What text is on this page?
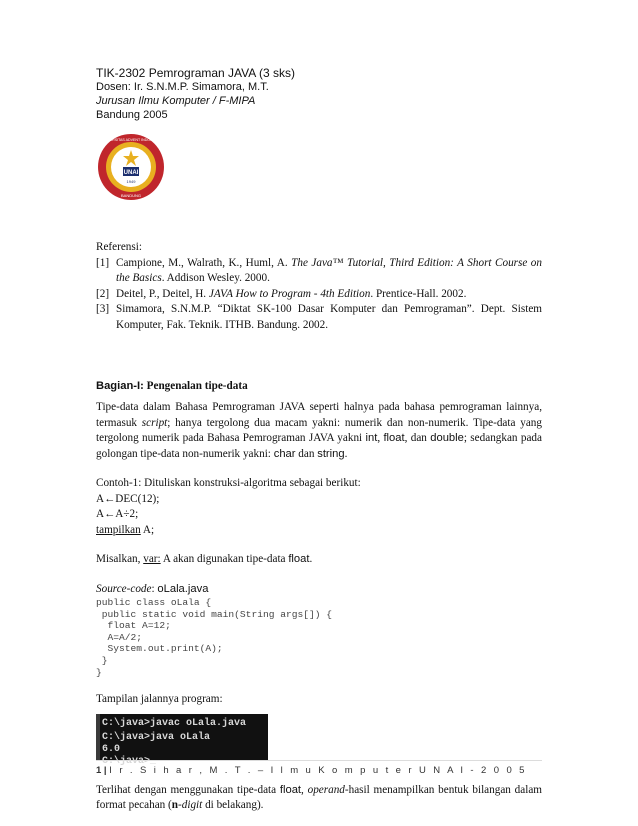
TIK-2302 Pemrograman JAVA (3 sks)

Dosen: Ir. S.N.M.P. Simamora, M.T.

Jurusan Ilmu Komputer / F-MIPA

Bandung 2005

UNAI
1949
UNIVERSITAS ADVENT INDONESIA
BANDUNG

Referensi:

[1] Campione, M., Walrath, K., Huml, A. The Java™ Tutorial, Third Edition: A Short Course on the Basics. Addison Wesley. 2000.
[2] Deitel, P., Deitel, H. JAVA How to Program - 4th Edition. Prentice-Hall. 2002.
[3] Simamora, S.N.M.P. “Diktat SK-100 Dasar Komputer dan Pemrograman”. Dept. Sistem Komputer, Fak. Teknik. ITHB. Bandung. 2002.

Bagian-I: Pengenalan tipe-data

Tipe-data dalam Bahasa Pemrograman JAVA seperti halnya pada bahasa pemrograman lainnya, termasuk script; hanya tergolong dua macam yakni: numerik dan non-numerik. Tipe-data yang tergolong numerik pada Bahasa Pemrograman JAVA yakni int, float, dan double; sedangkan pada golongan tipe-data non-numerik yakni: char dan string.

Contoh-1: Dituliskan konstruksi-algoritma sebagai berikut:

A←DEC(12);

A←A÷2;

tampilkan A;

Misalkan, var: A akan digunakan tipe-data float.

Source-code: oLala.java

public class oLala {

public static void main(String args[]) {

float A=12;

A=A/2;

System.out.print(A);

}

}

Tampilan jalannya program:

C:\java>javac oLala.java
C:\java>java oLala
6.0
C:\java>_

Terlihat dengan menggunakan tipe-data float, operand-hasil menampilkan bentuk bilangan dalam format pecahan (n-digit di belakang).

1 | I r . S i h a r , M . T . – I l m u K o m p u t e r U N A I - 2 0 0 5
